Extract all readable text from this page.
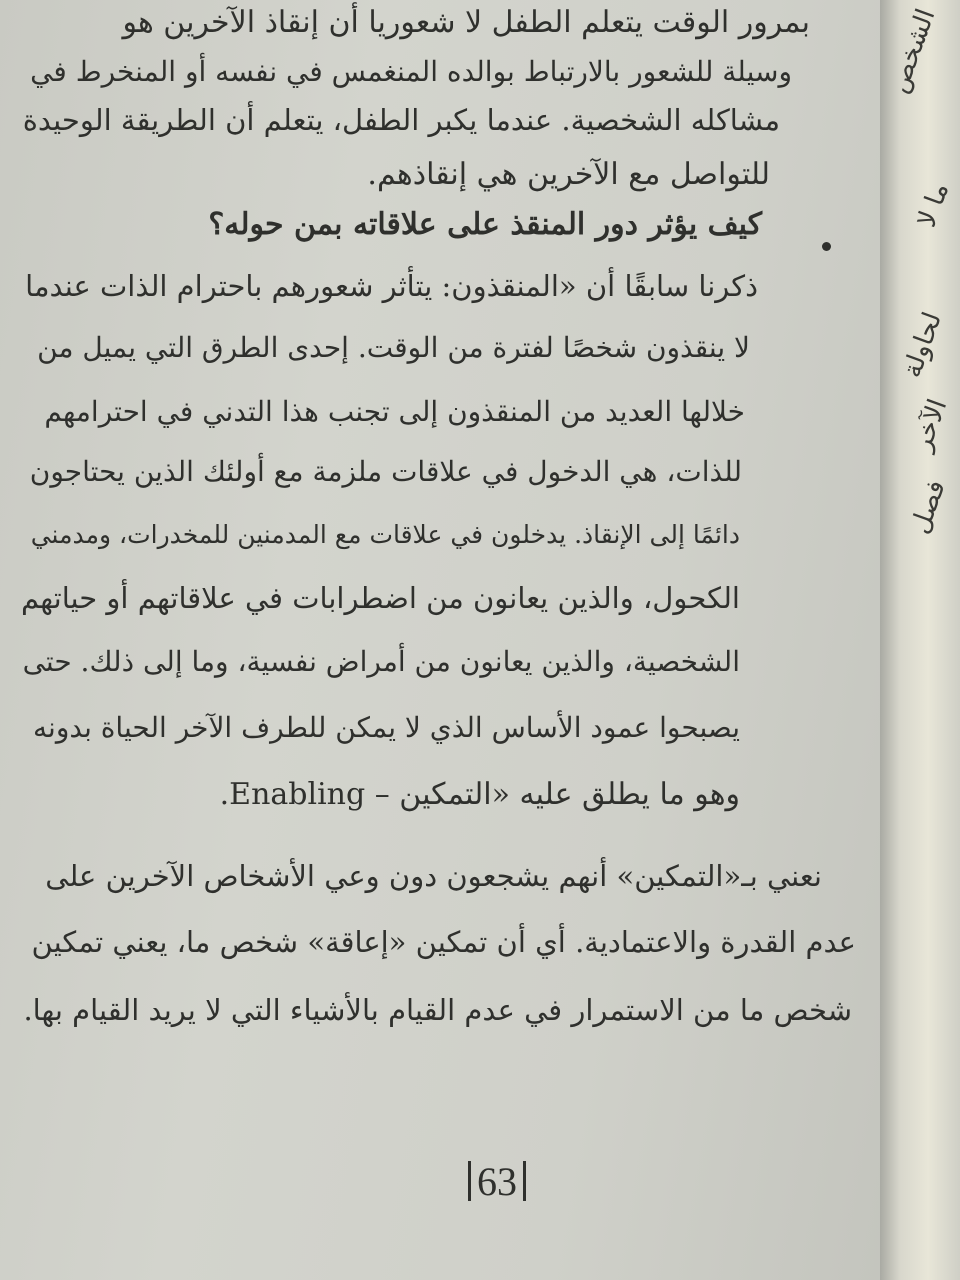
بمرور الوقت يتعلم الطفل لا شعوريا أن إنقاذ الآخرين هو
وسيلة للشعور بالارتباط بوالده المنغمس في نفسه أو المنخرط في
مشاكله الشخصية. عندما يكبر الطفل، يتعلم أن الطريقة الوحيدة
للتواصل مع الآخرين هي إنقاذهم.
كيف يؤثر دور المنقذ على علاقاته بمن حوله؟
ذكرنا سابقًا أن «المنقذون: يتأثر شعورهم باحترام الذات عندما
لا ينقذون شخصًا لفترة من الوقت. إحدى الطرق التي يميل من
خلالها العديد من المنقذون إلى تجنب هذا التدني في احترامهم
للذات، هي الدخول في علاقات ملزمة مع أولئك الذين يحتاجون
دائمًا إلى الإنقاذ. يدخلون في علاقات مع المدمنين للمخدرات، ومدمني
الكحول، والذين يعانون من اضطرابات في علاقاتهم أو حياتهم
الشخصية، والذين يعانون من أمراض نفسية، وما إلى ذلك. حتى
يصبحوا عمود الأساس الذي لا يمكن للطرف الآخر الحياة بدونه
وهو ما يطلق عليه «التمكين – Enabling.
نعني بـ«التمكين» أنهم يشجعون دون وعي الأشخاص الآخرين على
عدم القدرة والاعتمادية. أي أن تمكين «إعاقة» شخص ما، يعني تمكين
شخص ما من الاستمرار في عدم القيام بالأشياء التي لا يريد القيام بها.
63
الشخص
ما لا
لحاولة
الآخر
فصل
